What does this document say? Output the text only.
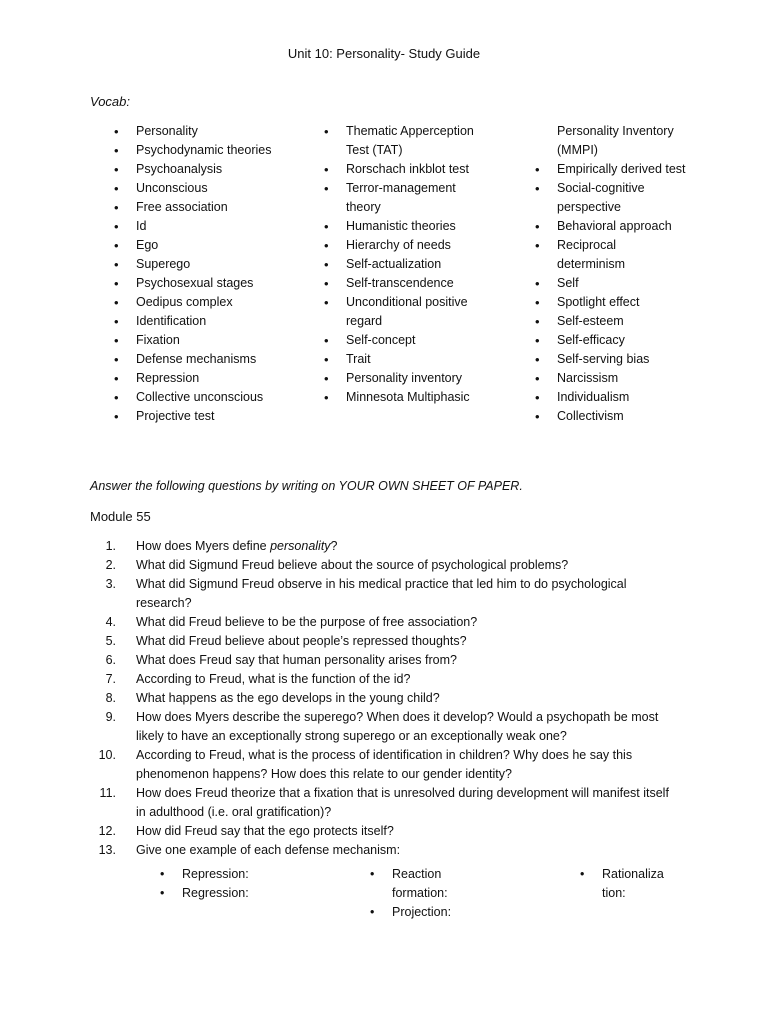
Unit 10: Personality- Study Guide
Vocab:
• Personality
• Psychodynamic theories
• Psychoanalysis
• Unconscious
• Free association
• Id
• Ego
• Superego
• Psychosexual stages
• Oedipus complex
• Identification
• Fixation
• Defense mechanisms
• Repression
• Collective unconscious
• Projective test
• Thematic Apperception Test (TAT)
• Rorschach inkblot test
• Terror-management theory
• Humanistic theories
• Hierarchy of needs
• Self-actualization
• Self-transcendence
• Unconditional positive regard
• Self-concept
• Trait
• Personality inventory
• Minnesota Multiphasic
Personality Inventory (MMPI)
• Empirically derived test
• Social-cognitive perspective
• Behavioral approach
• Reciprocal determinism
• Self
• Spotlight effect
• Self-esteem
• Self-efficacy
• Self-serving bias
• Narcissism
• Individualism
• Collectivism
Answer the following questions by writing on YOUR OWN SHEET OF PAPER.
Module 55
1.	How does Myers define personality?
2.	What did Sigmund Freud believe about the source of psychological problems?
3.	What did Sigmund Freud observe in his medical practice that led him to do psychological research?
4.	What did Freud believe to be the purpose of free association?
5.	What did Freud believe about people’s repressed thoughts?
6.	What does Freud say that human personality arises from?
7.	According to Freud, what is the function of the id?
8.	What happens as the ego develops in the young child?
9.	How does Myers describe the superego? When does it develop? Would a psychopath be most likely to have an exceptionally strong superego or an exceptionally weak one?
10.	According to Freud, what is the process of identification in children? Why does he say this phenomenon happens? How does this relate to our gender identity?
11.	How does Freud theorize that a fixation that is unresolved during development will manifest itself in adulthood (i.e. oral gratification)?
12.	How did Freud say that the ego protects itself?
13.	Give one example of each defense mechanism:
• Repression:
• Regression:
• Reaction formation:
• Projection:
• Rationalization:
